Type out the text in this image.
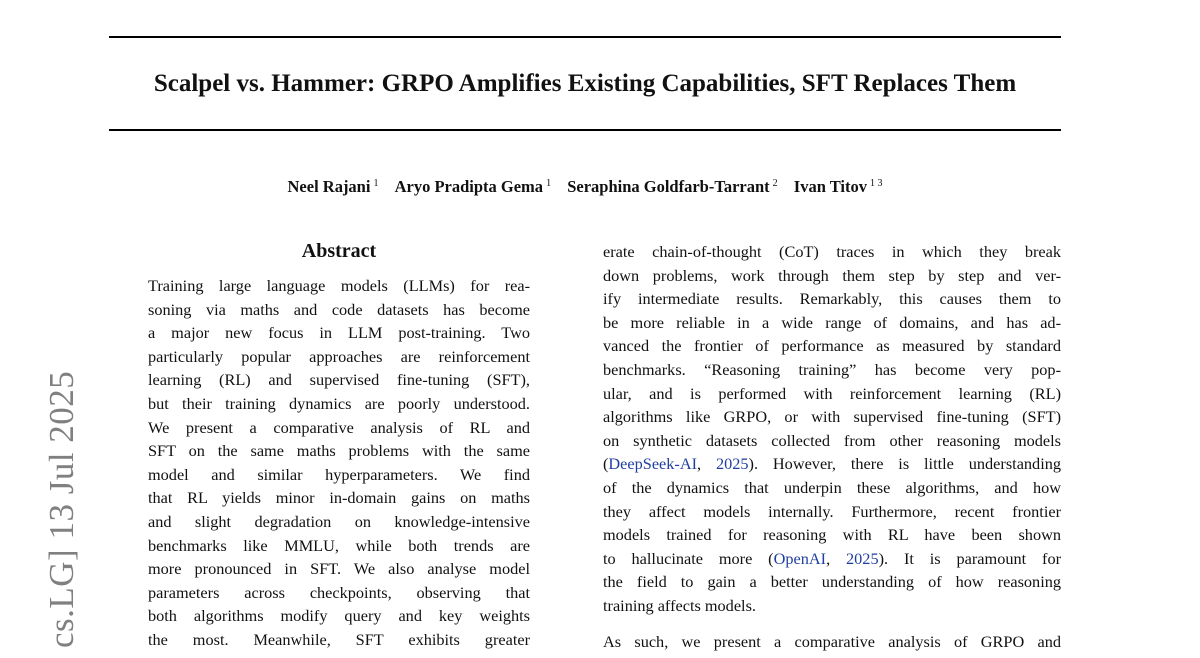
Scalpel vs. Hammer: GRPO Amplifies Existing Capabilities, SFT Replaces Them
Neel Rajani $^1$ Aryo Pradipta Gema $^1$ Seraphina Goldfarb-Tarrant $^2$ Ivan Titov $^{1 3}$
cs.LG] 13 Jul 2025
Abstract
Training large language models (LLMs) for rea-
soning via maths and code datasets has become
a major new focus in LLM post-training. Two
particularly popular approaches are reinforcement
learning (RL) and supervised fine-tuning (SFT),
but their training dynamics are poorly understood.
We present a comparative analysis of RL and
SFT on the same maths problems with the same
model and similar hyperparameters. We find
that RL yields minor in-domain gains on maths
and slight degradation on knowledge-intensive
benchmarks like MMLU, while both trends are
more pronounced in SFT. We also analyse model
parameters across checkpoints, observing that
both algorithms modify query and key weights
the most. Meanwhile, SFT exhibits greater
erate chain-of-thought (CoT) traces in which they break
down problems, work through them step by step and ver-
ify intermediate results. Remarkably, this causes them to
be more reliable in a wide range of domains, and has ad-
vanced the frontier of performance as measured by standard
benchmarks. “Reasoning training” has become very pop-
ular, and is performed with reinforcement learning (RL)
algorithms like GRPO, or with supervised fine-tuning (SFT)
on synthetic datasets collected from other reasoning models
(DeepSeek-AI, 2025). However, there is little understanding
of the dynamics that underpin these algorithms, and how
they affect models internally. Furthermore, recent frontier
models trained for reasoning with RL have been shown
to hallucinate more (OpenAI, 2025). It is paramount for
the field to gain a better understanding of how reasoning
training affects models.
As such, we present a comparative analysis of GRPO and
